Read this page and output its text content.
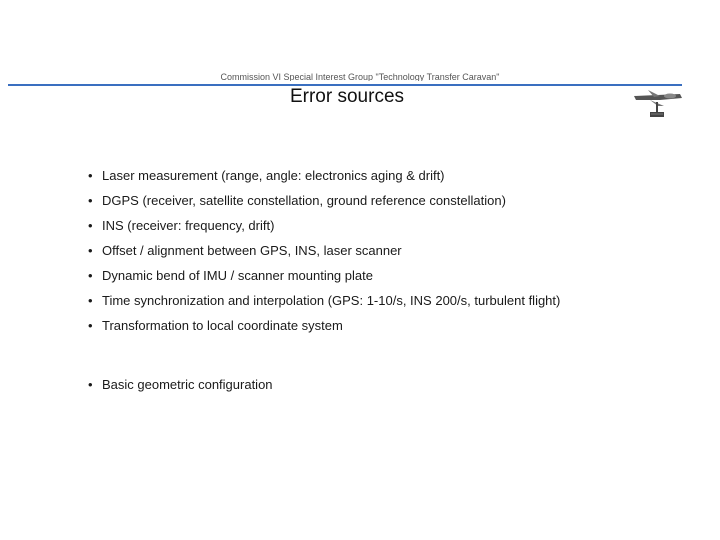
Commission VI Special Interest Group "Technology Transfer Caravan"
Error sources
• Laser measurement (range, angle: electronics aging & drift)
• DGPS (receiver, satellite constellation, ground reference constellation)
• INS (receiver: frequency, drift)
• Offset / alignment between GPS, INS, laser scanner
• Dynamic bend of IMU / scanner mounting plate
• Time synchronization and interpolation (GPS: 1-10/s, INS 200/s, turbulent flight)
• Transformation to local coordinate system
• Basic geometric configuration
